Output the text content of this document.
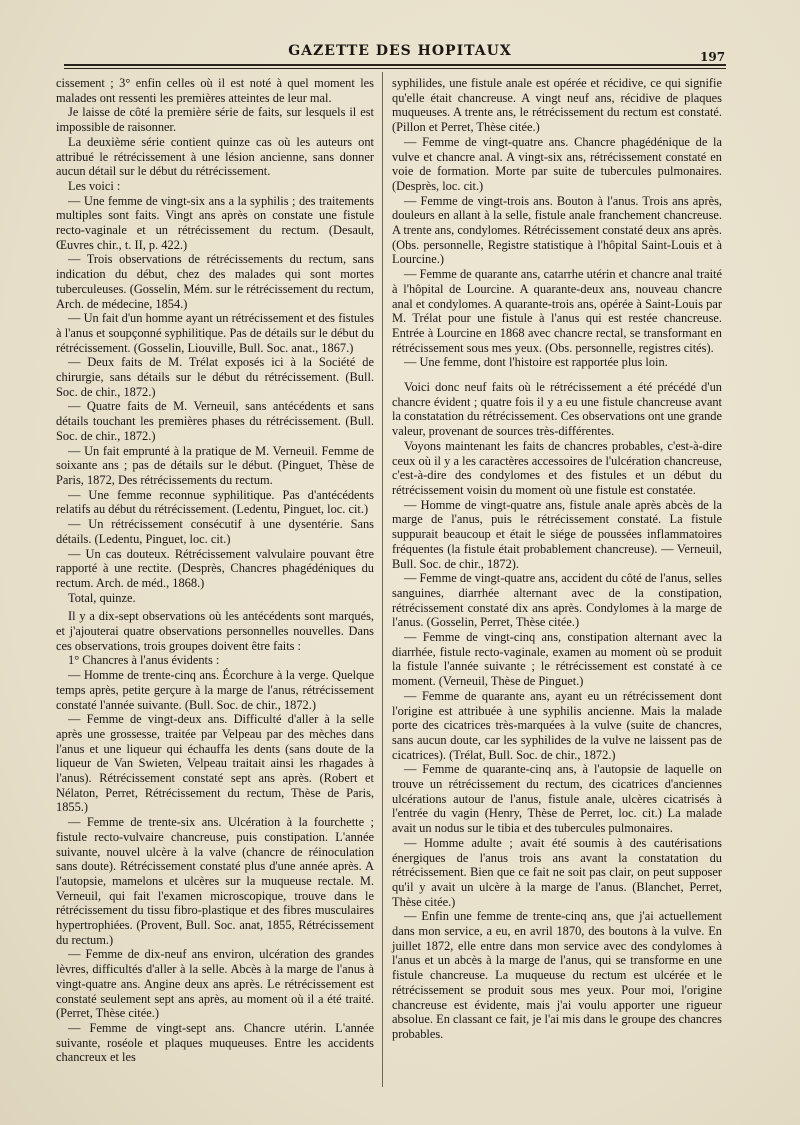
GAZETTE DES HOPITAUX	197

cissement ; 3° enfin celles où il est noté à quel moment les malades ont ressenti les premières atteintes de leur mal.

Je laisse de côté la première série de faits, sur lesquels il est impossible de raisonner.

La deuxième série contient quinze cas où les auteurs ont attribué le rétrécissement à une lésion ancienne, sans donner aucun détail sur le début du rétrécissement.

Les voici :

— Une femme de vingt-six ans a la syphilis ; des traitements multiples sont faits. Vingt ans après on constate une fistule recto-vaginale et un rétrécissement du rectum. (Desault, Œuvres chir., t. II, p. 422.)

— Trois observations de rétrécissements du rectum, sans indication du début, chez des malades qui sont mortes tuberculeuses. (Gosselin, Mém. sur le rétrécissement du rectum, Arch. de médecine, 1854.)

— Un fait d'un homme ayant un rétrécissement et des fistules à l'anus et soupçonné syphilitique. Pas de détails sur le début du rétrécissement. (Gosselin, Liouville, Bull. Soc. anat., 1867.)

— Deux faits de M. Trélat exposés ici à la Société de chirurgie, sans détails sur le début du rétrécissement. (Bull. Soc. de chir., 1872.)

— Quatre faits de M. Verneuil, sans antécédents et sans détails touchant les premières phases du rétrécissement. (Bull. Soc. de chir., 1872.)

— Un fait emprunté à la pratique de M. Verneuil. Femme de soixante ans ; pas de détails sur le début. (Pinguet, Thèse de Paris, 1872, Des rétrécissements du rectum.

— Une femme reconnue syphilitique. Pas d'antécédents relatifs au début du rétrécissement. (Ledentu, Pinguet, loc. cit.)

— Un rétrécissement consécutif à une dysentérie. Sans détails. (Ledentu, Pinguet, loc. cit.)

— Un cas douteux. Rétrécissement valvulaire pouvant être rapporté à une rectite. (Desprès, Chancres phagédéniques du rectum. Arch. de méd., 1868.)

Total, quinze.

Il y a dix-sept observations où les antécédents sont marqués, et j'ajouterai quatre observations personnelles nouvelles. Dans ces observations, trois groupes doivent être faits :

1° Chancres à l'anus évidents :

— Homme de trente-cinq ans. Écorchure à la verge. Quelque temps après, petite gerçure à la marge de l'anus, rétrécissement constaté l'année suivante. (Bull. Soc. de chir., 1872.)

— Femme de vingt-deux ans. Difficulté d'aller à la selle après une grossesse, traitée par Velpeau par des mèches dans l'anus et une liqueur qui échauffa les dents (sans doute de la liqueur de Van Swieten, Velpeau traitait ainsi les rhagades à l'anus). Rétrécissement constaté sept ans après. (Robert et Nélaton, Perret, Rétrécissement du rectum, Thèse de Paris, 1855.)

— Femme de trente-six ans. Ulcération à la fourchette ; fistule recto-vulvaire chancreuse, puis constipation. L'année suivante, nouvel ulcère à la valve (chancre de réinoculation sans doute). Rétrécissement constaté plus d'une année après. A l'autopsie, mamelons et ulcères sur la muqueuse rectale. M. Verneuil, qui fait l'examen microscopique, trouve dans le rétrécissement du tissu fibro-plastique et des fibres musculaires hypertrophiées. (Provent, Bull. Soc. anat, 1855, Rétrécissement du rectum.)

— Femme de dix-neuf ans environ, ulcération des grandes lèvres, difficultés d'aller à la selle. Abcès à la marge de l'anus à vingt-quatre ans. Angine deux ans après. Le rétrécissement est constaté seulement sept ans après, au moment où il a été traité. (Perret, Thèse citée.)

— Femme de vingt-sept ans. Chancre utérin. L'année suivante, roséole et plaques muqueuses. Entre les accidents chancreux et les

syphilides, une fistule anale est opérée et récidive, ce qui signifie qu'elle était chancreuse. A vingt neuf ans, récidive de plaques muqueuses. A trente ans, le rétrécissement du rectum est constaté. (Pillon et Perret, Thèse citée.)

— Femme de vingt-quatre ans. Chancre phagédénique de la vulve et chancre anal. A vingt-six ans, rétrécissement constaté en voie de formation. Morte par suite de tubercules pulmonaires. (Desprès, loc. cit.)

— Femme de vingt-trois ans. Bouton à l'anus. Trois ans après, douleurs en allant à la selle, fistule anale franchement chancreuse. A trente ans, condylomes. Rétrécissement constaté deux ans après.

(Obs. personnelle, Registre statistique à l'hôpital Saint-Louis et à Lourcine.)

— Femme de quarante ans, catarrhe utérin et chancre anal traité à l'hôpital de Lourcine. A quarante-deux ans, nouveau chancre anal et condylomes. A quarante-trois ans, opérée à Saint-Louis par M. Trélat pour une fistule à l'anus qui est restée chancreuse. Entrée à Lourcine en 1868 avec chancre rectal, se transformant en rétrécissement sous mes yeux. (Obs. personnelle, registres cités).

— Une femme, dont l'histoire est rapportée plus loin.

Voici donc neuf faits où le rétrécissement a été précédé d'un chancre évident ; quatre fois il y a eu une fistule chancreuse avant la constatation du rétrécissement. Ces observations ont une grande valeur, provenant de sources très-différentes.

Voyons maintenant les faits de chancres probables, c'est-à-dire ceux où il y a les caractères accessoires de l'ulcération chancreuse, c'est-à-dire des condylomes et des fistules et un début du rétrécissement voisin du moment où une fistule est constatée.

— Homme de vingt-quatre ans, fistule anale après abcès de la marge de l'anus, puis le rétrécissement constaté. La fistule suppurait beaucoup et était le siége de poussées inflammatoires fréquentes (la fistule était probablement chancreuse). — Verneuil, Bull. Soc. de chir., 1872).

— Femme de vingt-quatre ans, accident du côté de l'anus, selles sanguines, diarrhée alternant avec de la constipation, rétrécissement constaté dix ans après. Condylomes à la marge de l'anus. (Gosselin, Perret, Thèse citée.)

— Femme de vingt-cinq ans, constipation alternant avec la diarrhée, fistule recto-vaginale, examen au moment où se produit la fistule l'année suivante ; le rétrécissement est constaté à ce moment. (Verneuil, Thèse de Pinguet.)

— Femme de quarante ans, ayant eu un rétrécissement dont l'origine est attribuée à une syphilis ancienne. Mais la malade porte des cicatrices très-marquées à la vulve (suite de chancres, sans aucun doute, car les syphilides de la vulve ne laissent pas de cicatrices). (Trélat, Bull. Soc. de chir., 1872.)

— Femme de quarante-cinq ans, à l'autopsie de laquelle on trouve un rétrécissement du rectum, des cicatrices d'anciennes ulcérations autour de l'anus, fistule anale, ulcères cicatrisés à l'entrée du vagin (Henry, Thèse de Perret, loc. cit.) La malade avait un nodus sur le tibia et des tubercules pulmonaires.

— Homme adulte ; avait été soumis à des cautérisations énergiques de l'anus trois ans avant la constatation du rétrécissement. Bien que ce fait ne soit pas clair, on peut supposer qu'il y avait un ulcère à la marge de l'anus. (Blanchet, Perret, Thèse citée.)

— Enfin une femme de trente-cinq ans, que j'ai actuellement dans mon service, a eu, en avril 1870, des boutons à la vulve. En juillet 1872, elle entre dans mon service avec des condylomes à l'anus et un abcès à la marge de l'anus, qui se transforme en une fistule chancreuse. La muqueuse du rectum est ulcérée et le rétrécissement se produit sous mes yeux. Pour moi, l'origine chancreuse est évidente, mais j'ai voulu apporter une rigueur absolue. En classant ce fait, je l'ai mis dans le groupe des chancres probables.
